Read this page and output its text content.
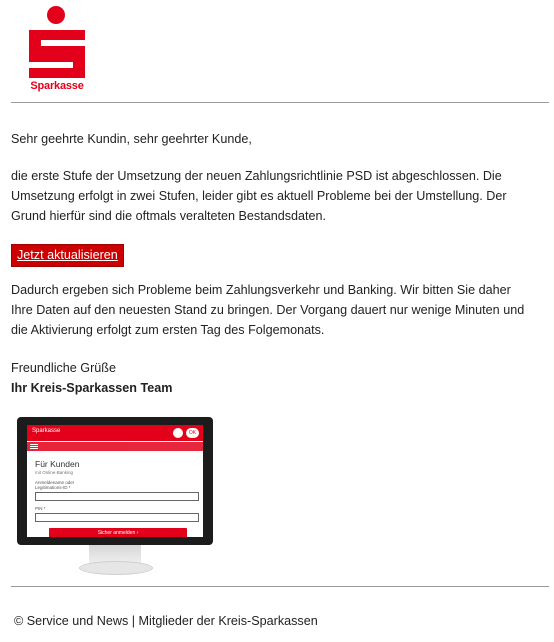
Sparkasse

Sehr geehrte Kundin, sehr geehrter Kunde,

die erste Stufe der Umsetzung der neuen Zahlungsrichtlinie PSD ist abgeschlossen. Die
Umsetzung erfolgt in zwei Stufen, leider gibt es aktuell Probleme bei der Umstellung. Der
Grund hierfür sind die oftmals veralteten Bestandsdaten.
Jetzt aktualisieren
Dadurch ergeben sich Probleme beim Zahlungsverkehr und Banking. Wir bitten Sie daher
Ihre Daten auf den neuesten Stand zu bringen. Der Vorgang dauert nur wenige Minuten und
die Aktivierung erfolgt zum ersten Tag des Folgemonats.
Freundliche Grüße
Ihr Kreis-Sparkassen Team
Sparkasse	OK
Für Kunden
mit Online-Banking
Anmeldename oder
Legitimations-ID *
PIN *
Sicher anmelden ›
© Service und News | Mitglieder der Kreis-Sparkassen
